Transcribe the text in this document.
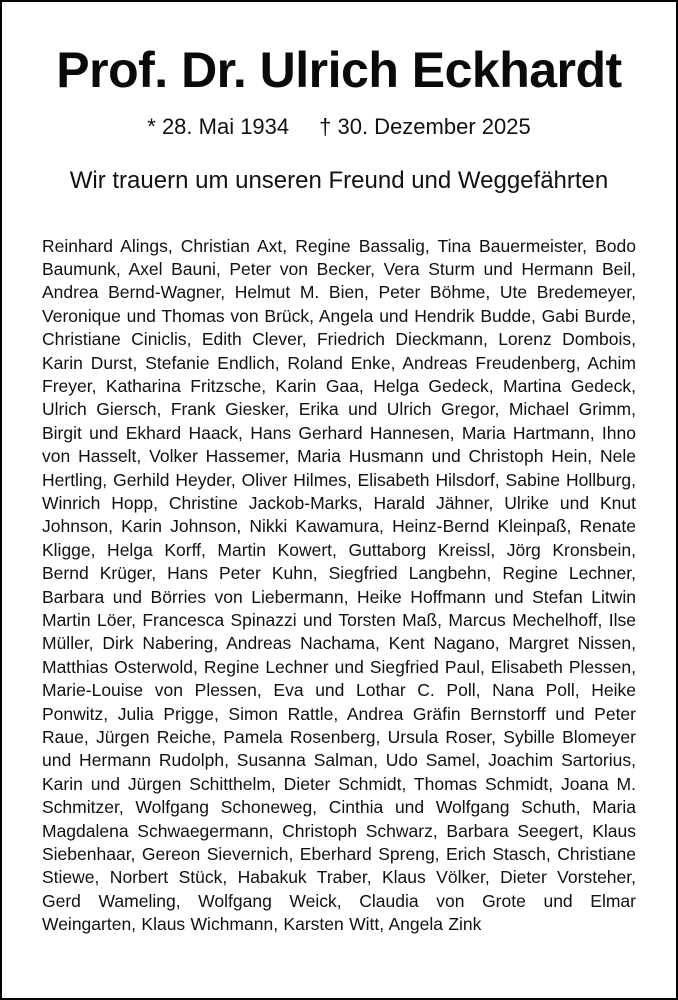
Prof. Dr. Ulrich Eckhardt
* 28. Mai 1934 † 30. Dezember 2025
Wir trauern um unseren Freund und Weggefährten

Reinhard Alings, Christian Axt, Regine Bassalig, Tina Bauermeister, Bodo Baumunk, Axel Bauni, Peter von Becker, Vera Sturm und Hermann Beil, Andrea Bernd-Wagner, Helmut M. Bien, Peter Böhme, Ute Bredemeyer, Veronique und Thomas von Brück, Angela und Hendrik Budde, Gabi Burde, Christiane Ciniclis, Edith Clever, Friedrich Dieckmann, Lorenz Dombois, Karin Durst, Stefanie Endlich, Roland Enke, Andreas Freudenberg, Achim Freyer, Katharina Fritzsche, Karin Gaa, Helga Gedeck, Martina Gedeck, Ulrich Giersch, Frank Giesker, Erika und Ulrich Gregor, Michael Grimm, Birgit und Ekhard Haack, Hans Gerhard Hannesen, Maria Hartmann, Ihno von Hasselt, Volker Hassemer, Maria Husmann und Christoph Hein, Nele Hertling, Gerhild Heyder, Oliver Hilmes, Elisabeth Hilsdorf, Sabine Hollburg, Winrich Hopp, Christine Jackob-Marks, Harald Jähner, Ulrike und Knut Johnson, Karin Johnson, Nikki Kawamura, Heinz-Bernd Kleinpaß, Renate Kligge, Helga Korff, Martin Kowert, Guttaborg Kreissl, Jörg Kronsbein, Bernd Krüger, Hans Peter Kuhn, Siegfried Langbehn, Regine Lechner, Barbara und Börries von Liebermann, Heike Hoffmann und Stefan Litwin Martin Löer, Francesca Spinazzi und Torsten Maß, Marcus Mechelhoff, Ilse Müller, Dirk Nabering, Andreas Nachama, Kent Nagano, Margret Nissen, Matthias Osterwold, Regine Lechner und Siegfried Paul, Elisabeth Plessen, Marie-Louise von Plessen, Eva und Lothar C. Poll, Nana Poll, Heike Ponwitz, Julia Prigge, Simon Rattle, Andrea Gräfin Bernstorff und Peter Raue, Jürgen Reiche, Pamela Rosenberg, Ursula Roser, Sybille Blomeyer und Hermann Rudolph, Susanna Salman, Udo Samel, Joachim Sartorius, Karin und Jürgen Schitthelm, Dieter Schmidt, Thomas Schmidt, Joana M. Schmitzer, Wolfgang Schoneweg, Cinthia und Wolfgang Schuth, Maria Magdalena Schwaegermann, Christoph Schwarz, Barbara Seegert, Klaus Siebenhaar, Gereon Sievernich, Eberhard Spreng, Erich Stasch, Christiane Stiewe, Norbert Stück, Habakuk Traber, Klaus Völker, Dieter Vorsteher, Gerd Wameling, Wolfgang Weick, Claudia von Grote und Elmar Weingarten, Klaus Wichmann, Karsten Witt, Angela Zink
